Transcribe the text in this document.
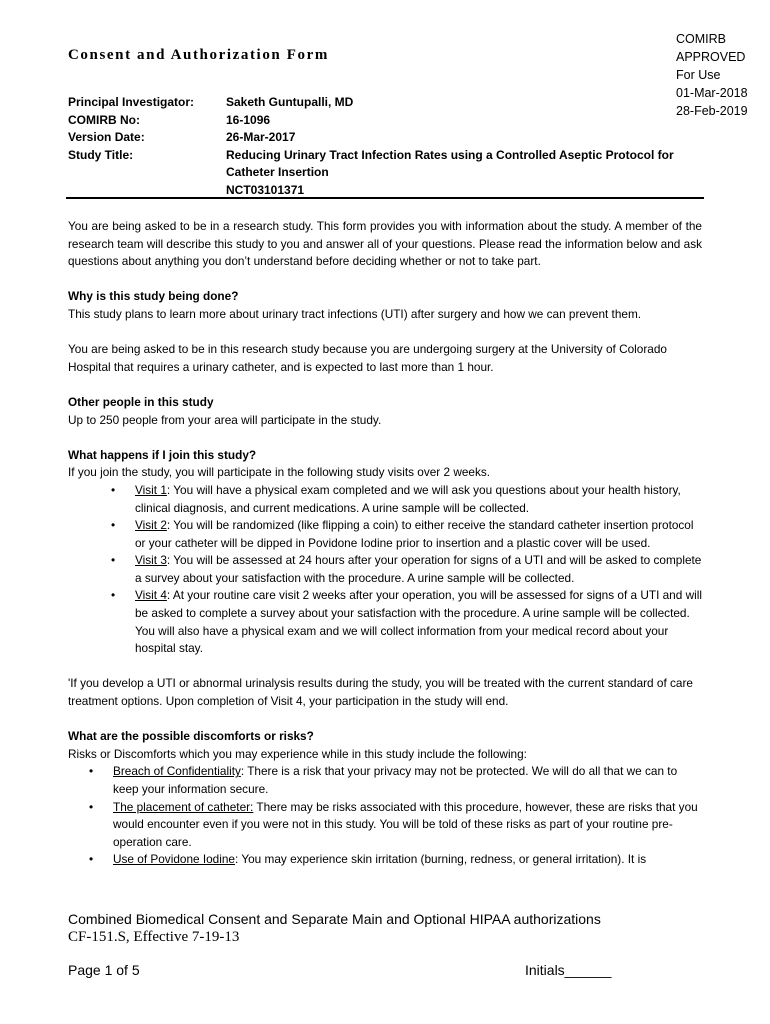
COMIRB
APPROVED
For Use
01-Mar-2018
28-Feb-2019
Consent and Authorization Form
Principal Investigator:	Saketh Guntupalli, MD
COMIRB No:	16-1096
Version Date:	26-Mar-2017
Study Title:	Reducing Urinary Tract Infection Rates using a Controlled Aseptic Protocol for Catheter Insertion
NCT03101371

You are being asked to be in a research study. This form provides you with information about the study. A member of the research team will describe this study to you and answer all of your questions. Please read the information below and ask questions about anything you don’t understand before deciding whether or not to take part.

Why is this study being done?

This study plans to learn more about urinary tract infections (UTI) after surgery and how we can prevent them.

You are being asked to be in this research study because you are undergoing surgery at the University of Colorado Hospital that requires a urinary catheter, and is expected to last more than 1 hour.

Other people in this study

Up to 250 people from your area will participate in the study.

What happens if I join this study?

If you join the study, you will participate in the following study visits over 2 weeks.

• Visit 1: You will have a physical exam completed and we will ask you questions about your health history, clinical diagnosis, and current medications. A urine sample will be collected.
• Visit 2: You will be randomized (like flipping a coin) to either receive the standard catheter insertion protocol or your catheter will be dipped in Povidone Iodine prior to insertion and a plastic cover will be used.
• Visit 3: You will be assessed at 24 hours after your operation for signs of a UTI and will be asked to complete a survey about your satisfaction with the procedure. A urine sample will be collected.
• Visit 4: At your routine care visit 2 weeks after your operation, you will be assessed for signs of a UTI and will be asked to complete a survey about your satisfaction with the procedure. A urine sample will be collected. You will also have a physical exam and we will collect information from your medical record about your hospital stay.

'If you develop a UTI or abnormal urinalysis results during the study, you will be treated with the current standard of care treatment options. Upon completion of Visit 4, your participation in the study will end.

What are the possible discomforts or risks?

Risks or Discomforts which you may experience while in this study include the following:

• Breach of Confidentiality: There is a risk that your privacy may not be protected. We will do all that we can to keep your information secure.
• The placement of catheter: There may be risks associated with this procedure, however, these are risks that you would encounter even if you were not in this study. You will be told of these risks as part of your routine pre-operation care.
• Use of Povidone Iodine: You may experience skin irritation (burning, redness, or general irritation). It is
Combined Biomedical Consent and Separate Main and Optional HIPAA authorizations
CF-151.S, Effective 7-19-13
Page 1 of 5	Initials______
